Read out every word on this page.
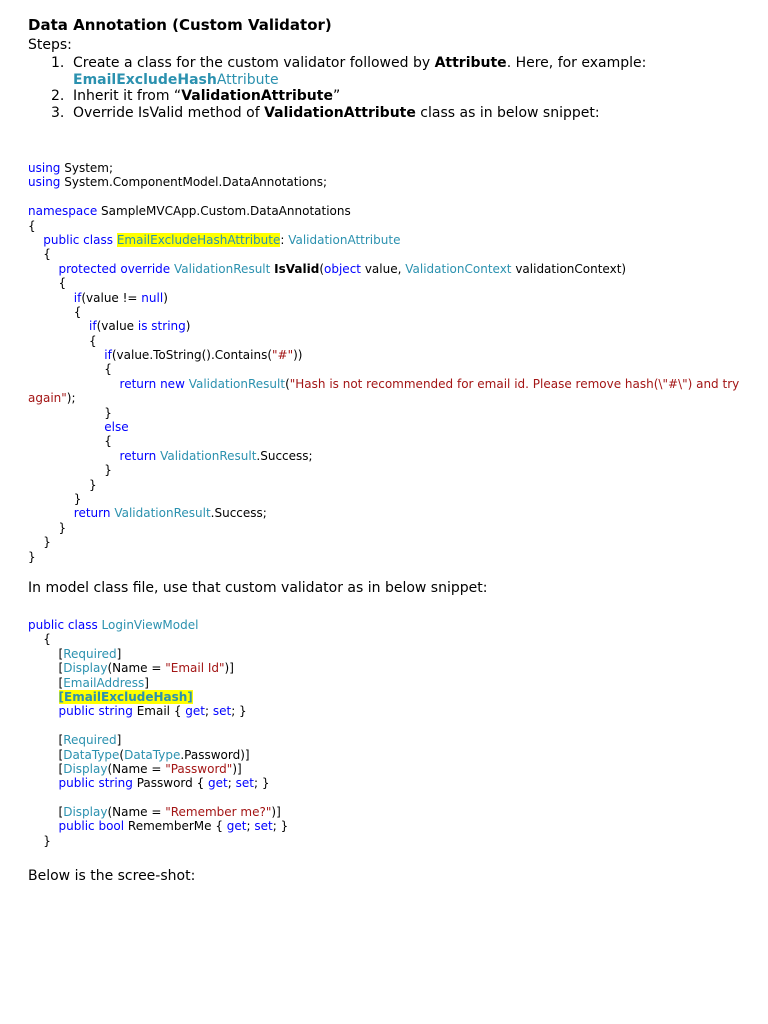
Data Annotation (Custom Validator)
Steps:
1. Create a class for the custom validator followed by Attribute. Here, for example:
EmailExcludeHashAttribute
2. Inherit it from “ValidationAttribute”
3. Override IsValid method of ValidationAttribute class as in below snippet:
using System;
using System.ComponentModel.DataAnnotations;
namespace SampleMVCApp.Custom.DataAnnotations
{
public class EmailExcludeHashAttribute: ValidationAttribute
{
protected override ValidationResult IsValid(object value, ValidationContext validationContext)
{
if(value != null)
{
if(value is string)
{
if(value.ToString().Contains("#"))
{
return new ValidationResult("Hash is not recommended for email id. Please remove hash(\"#\") and try
again");
}
else
{
return ValidationResult.Success;
}
}
}
return ValidationResult.Success;
}
}
}
In model class file, use that custom validator as in below snippet:
public class LoginViewModel
{
[Required]
[Display(Name = "Email Id")]
[EmailAddress]
[EmailExcludeHash]
public string Email { get; set; }
[Required]
[DataType(DataType.Password)]
[Display(Name = "Password")]
public string Password { get; set; }
[Display(Name = "Remember me?")]
public bool RememberMe { get; set; }
}
Below is the scree-shot:
